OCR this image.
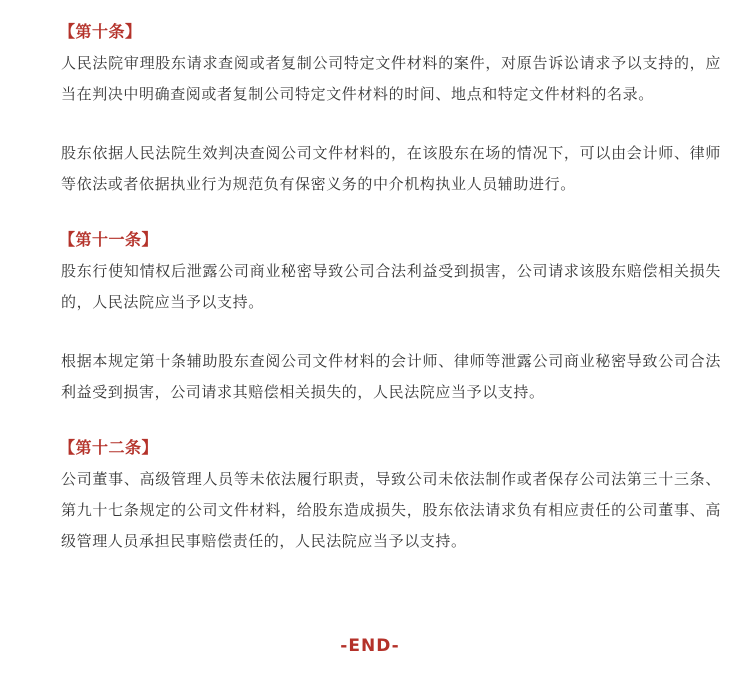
【第十条】

人民法院审理股东请求查阅或者复制公司特定文件材料的案件，对原告诉讼请求予以支持的，应当在判决中明确查阅或者复制公司特定文件材料的时间、地点和特定文件材料的名录。

股东依据人民法院生效判决查阅公司文件材料的，在该股东在场的情况下，可以由会计师、律师等依法或者依据执业行为规范负有保密义务的中介机构执业人员辅助进行。

【第十一条】

股东行使知情权后泄露公司商业秘密导致公司合法利益受到损害，公司请求该股东赔偿相关损失的，人民法院应当予以支持。

根据本规定第十条辅助股东查阅公司文件材料的会计师、律师等泄露公司商业秘密导致公司合法利益受到损害，公司请求其赔偿相关损失的，人民法院应当予以支持。

【第十二条】

公司董事、高级管理人员等未依法履行职责，导致公司未依法制作或者保存公司法第三十三条、第九十七条规定的公司文件材料，给股东造成损失，股东依法请求负有相应责任的公司董事、高级管理人员承担民事赔偿责任的，人民法院应当予以支持。

-END-
